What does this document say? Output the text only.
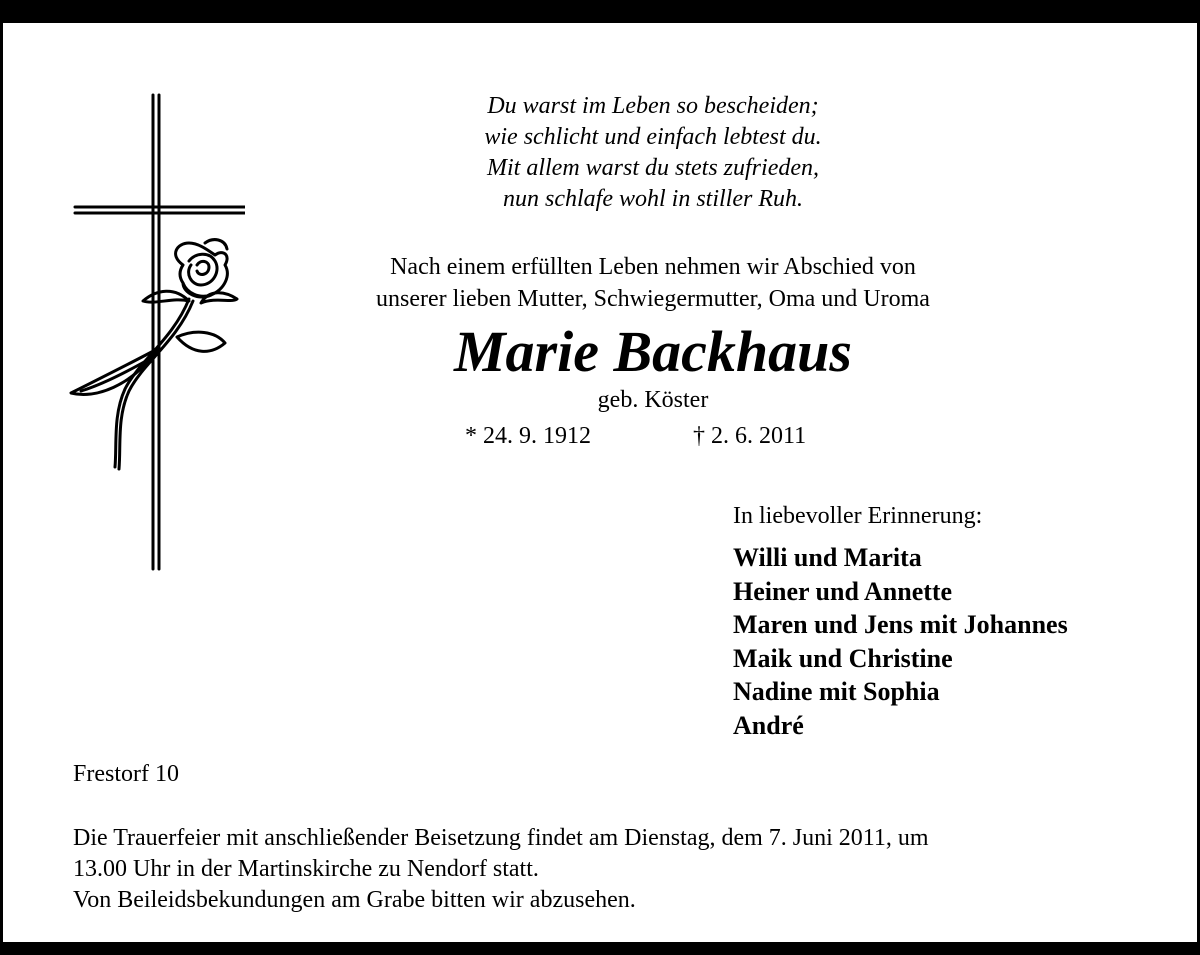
Du warst im Leben so bescheiden;
wie schlicht und einfach lebtest du.
Mit allem warst du stets zufrieden,
nun schlafe wohl in stiller Ruh.
Nach einem erfüllten Leben nehmen wir Abschied von
unserer lieben Mutter, Schwiegermutter, Oma und Uroma
Marie Backhaus
geb. Köster
* 24. 9. 1912	† 2. 6. 2011
In liebevoller Erinnerung:
Willi und Marita
Heiner und Annette
Maren und Jens mit Johannes
Maik und Christine
Nadine mit Sophia
André
Frestorf 10
Die Trauerfeier mit anschließender Beisetzung findet am Dienstag, dem 7. Juni 2011, um
13.00 Uhr in der Martinskirche zu Nendorf statt.
Von Beileidsbekundungen am Grabe bitten wir abzusehen.
